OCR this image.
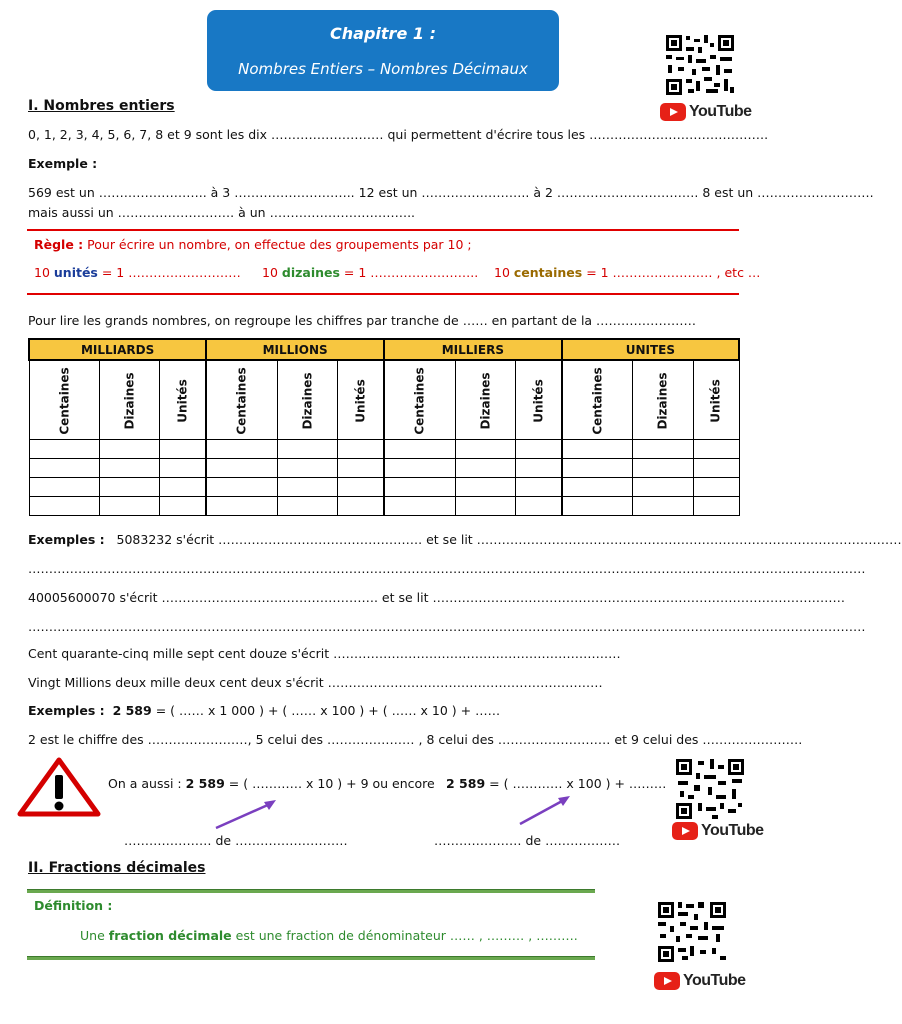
Chapitre 1 :
Nombres Entiers – Nombres Décimaux
YouTube
I. Nombres entiers
0, 1, 2, 3, 4, 5, 6, 7, 8 et 9 sont les dix ……………………… qui permettent d'écrire tous les …………………………………….
Exemple :
569 est un …………………….. à 3 ……………………….. 12 est un …………………….. à 2 ……………………………. 8 est un ……………………….
mais aussi un ………………………. à un ……………………………..
Règle : Pour écrire un nombre, on effectue des groupements par 10 ;
10 unités = 1 ……………………… 10 dizaines = 1 …………………….. 10 centaines = 1 …………………… , etc …
Pour lire les grands nombres, on regroupe les chiffres par tranche de …… en partant de la ……………………
MILLIARDS			MILLIONS			MILLIERS			UNITES		
Centaines	Dizaines	Unités	Centaines	Dizaines	Unités	Centaines	Dizaines	Unités	Centaines	Dizaines	Unités

Exemples : 5083232 s'écrit …………………………………………. et se lit …………………………………………………………………………………………
…………………………………………………………………………………………………………………………………………………………………………………
40005600070 s'écrit ……………………………………………. et se lit ………………………………………………………………………………………
…………………………………………………………………………………………………………………………………………………………………………………
Cent quarante-cinq mille sept cent douze s'écrit ……………………………………………………………
Vingt Millions deux mille deux cent deux s'écrit …………………………………………………………
Exemples : 2 589 = ( …… x 1 000 ) + ( …… x 100 ) + ( …… x 10 ) + ……
2 est le chiffre des ……………………, 5 celui des ………………… , 8 celui des ……………………… et 9 celui des ……………………
On a aussi : 2 589 = ( ………… x 10 ) + 9 ou encore 2 589 = ( ………… x 100 ) + ………
………………… de ………………………	………………… de ………………
YouTube
II. Fractions décimales
Définition :
Une fraction décimale est une fraction de dénominateur …… , ……… , ……….
YouTube
